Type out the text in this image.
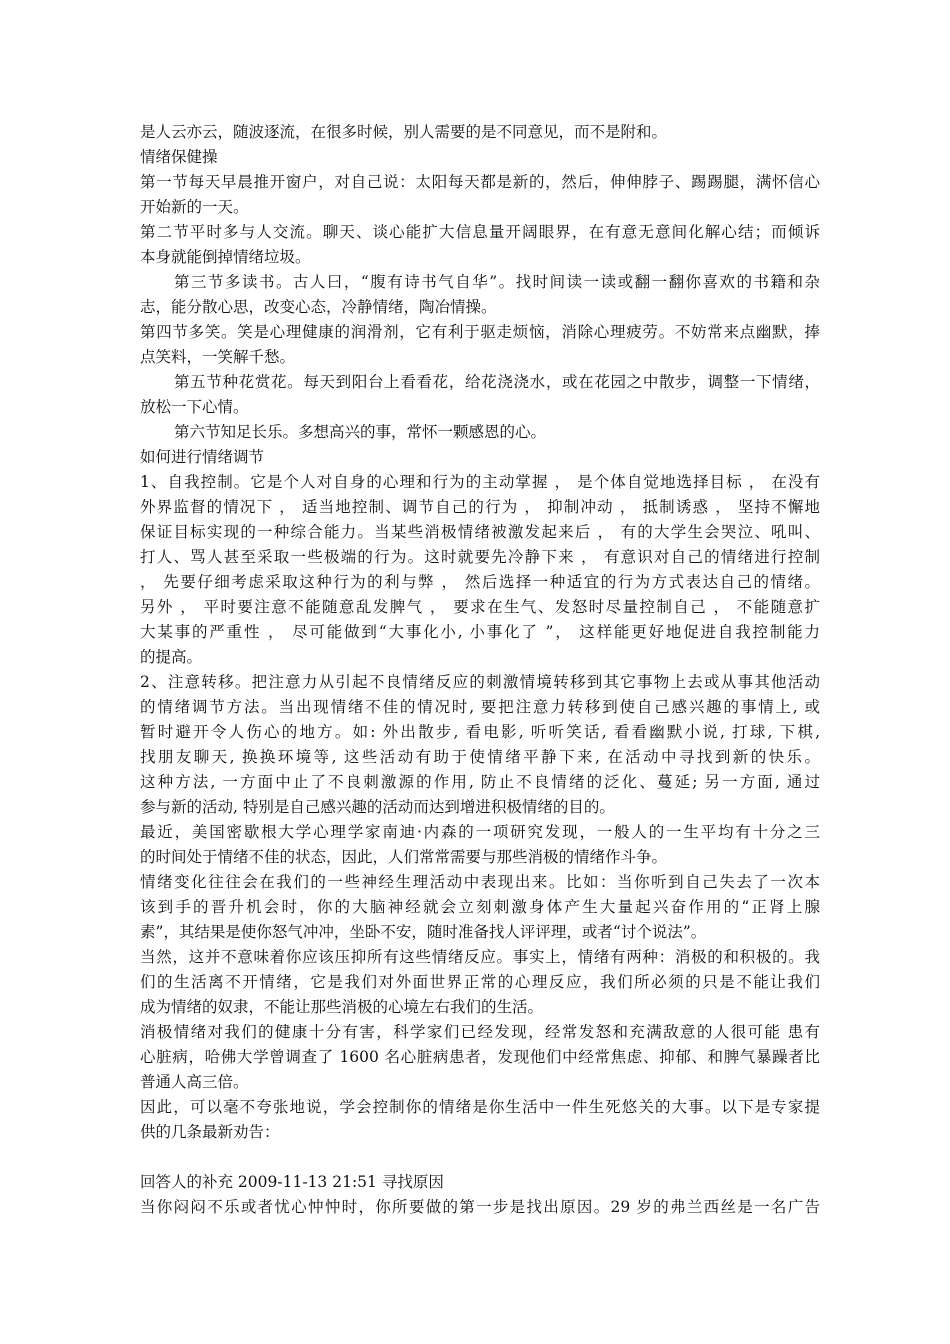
是人云亦云，随波逐流，在很多时候，别人需要的是不同意见，而不是附和。
情绪保健操
第一节每天早晨推开窗户，对自己说：太阳每天都是新的，然后，伸伸脖子、踢踢腿，满怀信心
开始新的一天。
第二节平时多与人交流。聊天、谈心能扩大信息量开阔眼界，在有意无意间化解心结；而倾诉
本身就能倒掉情绪垃圾。
第三节多读书。古人曰，“腹有诗书气自华”。找时间读一读或翻一翻你喜欢的书籍和杂
志，能分散心思，改变心态，冷静情绪，陶冶情操。
第四节多笑。笑是心理健康的润滑剂，它有利于驱走烦恼，消除心理疲劳。不妨常来点幽默，捧
点笑料，一笑解千愁。
第五节种花赏花。每天到阳台上看看花，给花浇浇水，或在花园之中散步，调整一下情绪，
放松一下心情。
第六节知足长乐。多想高兴的事，常怀一颗感恩的心。
如何进行情绪调节
1、自我控制。它是个人对自身的心理和行为的主动掌握 ， 是个体自觉地选择目标 ， 在没有
外界监督的情况下 ， 适当地控制、调节自己的行为 ， 抑制冲动 ， 抵制诱惑 ， 坚持不懈地
保证目标实现的一种综合能力。当某些消极情绪被激发起来后 ， 有的大学生会哭泣、吼叫、
打人、骂人甚至采取一些极端的行为。这时就要先冷静下来 ， 有意识对自己的情绪进行控制
， 先要仔细考虑采取这种行为的利与弊 ， 然后选择一种适宜的行为方式表达自己的情绪。
另外 ， 平时要注意不能随意乱发脾气 ， 要求在生气、发怒时尽量控制自己 ， 不能随意扩
大某事的严重性 ， 尽可能做到“大事化小, 小事化了 ”， 这样能更好地促进自我控制能力
的提高。
2、注意转移。把注意力从引起不良情绪反应的刺激情境转移到其它事物上去或从事其他活动
的情绪调节方法。当出现情绪不佳的情况时, 要把注意力转移到使自己感兴趣的事情上, 或
暂时避开令人伤心的地方。如: 外出散步, 看电影, 听听笑话, 看看幽默小说, 打球, 下棋,
找朋友聊天, 换换环境等, 这些活动有助于使情绪平静下来, 在活动中寻找到新的快乐。
这种方法, 一方面中止了不良刺激源的作用, 防止不良情绪的泛化、蔓延; 另一方面, 通过
参与新的活动, 特别是自己感兴趣的活动而达到增进积极情绪的目的。
最近，美国密歇根大学心理学家南迪·内森的一项研究发现，一般人的一生平均有十分之三
的时间处于情绪不佳的状态，因此，人们常常需要与那些消极的情绪作斗争。
情绪变化往往会在我们的一些神经生理活动中表现出来。比如：当你听到自己失去了一次本
该到手的晋升机会时，你的大脑神经就会立刻刺激身体产生大量起兴奋作用的“正肾上腺
素”，其结果是使你怒气冲冲，坐卧不安，随时准备找人评评理，或者“讨个说法”。
当然，这并不意味着你应该压抑所有这些情绪反应。事实上，情绪有两种：消极的和积极的。我
们的生活离不开情绪，它是我们对外面世界正常的心理反应，我们所必须的只是不能让我们
成为情绪的奴隶，不能让那些消极的心境左右我们的生活。
消极情绪对我们的健康十分有害，科学家们已经发现，经常发怒和充满敌意的人很可能 患有
心脏病，哈佛大学曾调查了 1600 名心脏病患者，发现他们中经常焦虑、抑郁、和脾气暴躁者比
普通人高三倍。
因此，可以毫不夸张地说，学会控制你的情绪是你生活中一件生死悠关的大事。以下是专家提
供的几条最新劝告：
回答人的补充 2009-11-13 21:51 寻找原因
当你闷闷不乐或者忧心忡忡时，你所要做的第一步是找出原因。29 岁的弗兰西丝是一名广告
